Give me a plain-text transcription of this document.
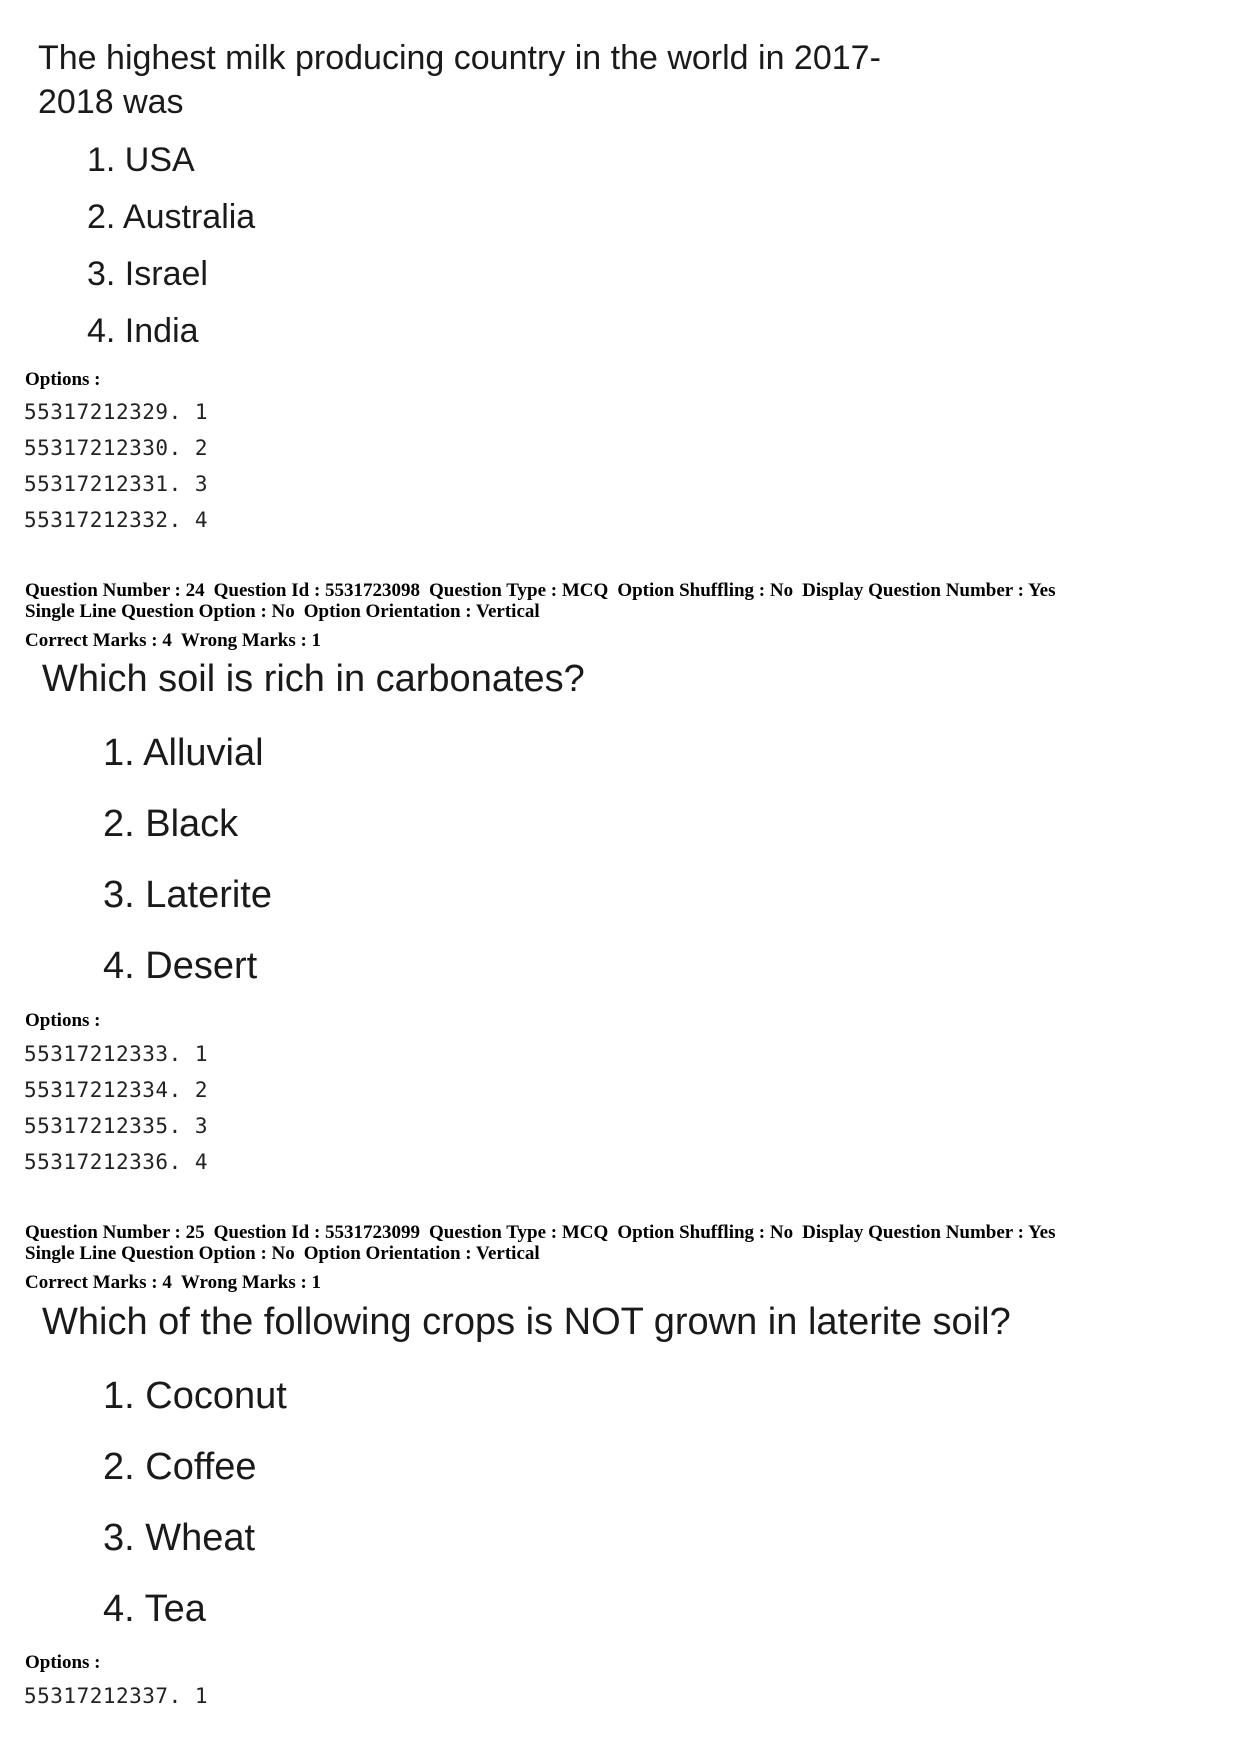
The highest milk producing country in the world in 2017-
2018 was
1. USA
2. Australia
3. Israel
4. India
Options :
55317212329. 1
55317212330. 2
55317212331. 3
55317212332. 4
Question Number : 24 Question Id : 5531723098 Question Type : MCQ Option Shuffling : No Display Question Number : Yes
Single Line Question Option : No Option Orientation : Vertical
Correct Marks : 4 Wrong Marks : 1
Which soil is rich in carbonates?
1. Alluvial
2. Black
3. Laterite
4. Desert
Options :
55317212333. 1
55317212334. 2
55317212335. 3
55317212336. 4
Question Number : 25 Question Id : 5531723099 Question Type : MCQ Option Shuffling : No Display Question Number : Yes
Single Line Question Option : No Option Orientation : Vertical
Correct Marks : 4 Wrong Marks : 1
Which of the following crops is NOT grown in laterite soil?
1. Coconut
2. Coffee
3. Wheat
4. Tea
Options :
55317212337. 1
